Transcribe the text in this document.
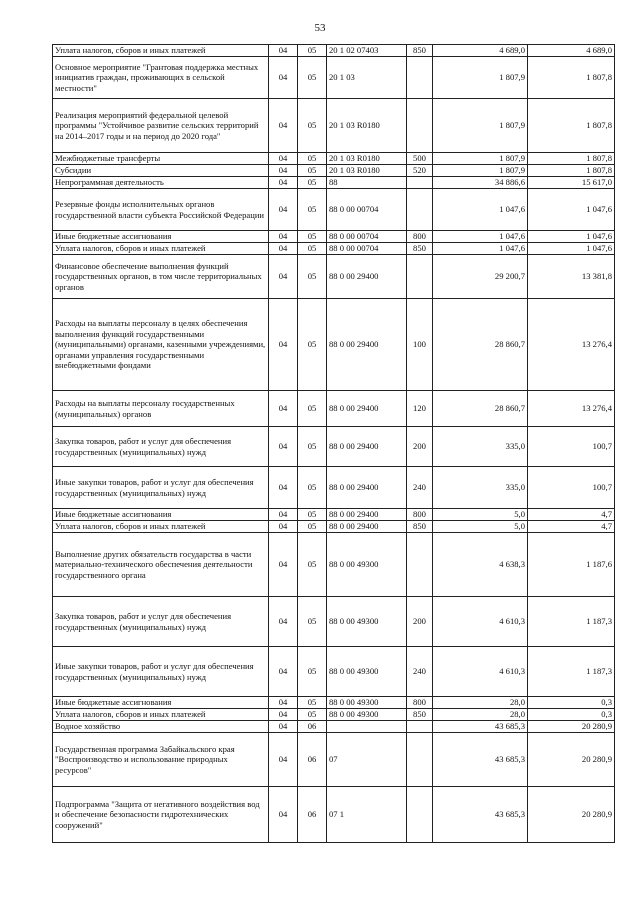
53
Уплата налогов, сборов и иных платежей	04	05	20 1 02 07403	850	4 689,0	4 689,0
Основное мероприятие "Грантовая поддержка местных инициатив граждан, проживающих в сельской местности"	04	05	20 1 03		1 807,9	1 807,8
Реализация мероприятий федеральной целевой программы "Устойчивое развитие сельских территорий на 2014–2017 годы и на период до 2020 года"	04	05	20 1 03 R0180		1 807,9	1 807,8
Межбюджетные трансферты	04	05	20 1 03 R0180	500	1 807,9	1 807,8
Субсидии	04	05	20 1 03 R0180	520	1 807,9	1 807,8
Непрограммная деятельность	04	05	88		34 886,6	15 617,0
Резервные фонды исполнительных органов государственной власти субъекта Российской Федерации	04	05	88 0 00 00704		1 047,6	1 047,6
Иные бюджетные ассигнования	04	05	88 0 00 00704	800	1 047,6	1 047,6
Уплата налогов, сборов и иных платежей	04	05	88 0 00 00704	850	1 047,6	1 047,6
Финансовое обеспечение выполнения функций государственных органов, в том числе территориальных органов	04	05	88 0 00 29400		29 200,7	13 381,8
Расходы на выплаты персоналу в целях обеспечения выполнения функций государственными (муниципальными) органами, казенными учреждениями, органами управления государственными внебюджетными фондами	04	05	88 0 00 29400	100	28 860,7	13 276,4
Расходы на выплаты персоналу государственных (муниципальных) органов	04	05	88 0 00 29400	120	28 860,7	13 276,4
Закупка товаров, работ и услуг для обеспечения государственных (муниципальных) нужд	04	05	88 0 00 29400	200	335,0	100,7
Иные закупки товаров, работ и услуг для обеспечения государственных (муниципальных) нужд	04	05	88 0 00 29400	240	335,0	100,7
Иные бюджетные ассигнования	04	05	88 0 00 29400	800	5,0	4,7
Уплата налогов, сборов и иных платежей	04	05	88 0 00 29400	850	5,0	4,7
Выполнение других обязательств государства в части материально-технического обеспечения деятельности государственного органа	04	05	88 0 00 49300		4 638,3	1 187,6
Закупка товаров, работ и услуг для обеспечения государственных (муниципальных) нужд	04	05	88 0 00 49300	200	4 610,3	1 187,3
Иные закупки товаров, работ и услуг для обеспечения государственных (муниципальных) нужд	04	05	88 0 00 49300	240	4 610,3	1 187,3
Иные бюджетные ассигнования	04	05	88 0 00 49300	800	28,0	0,3
Уплата налогов, сборов и иных платежей	04	05	88 0 00 49300	850	28,0	0,3
Водное хозяйство	04	06			43 685,3	20 280,9
Государственная программа Забайкальского края "Воспроизводство и использование природных ресурсов"	04	06	07		43 685,3	20 280,9
Подпрограмма "Защита от негативного воздействия вод и обеспечение безопасности гидротехнических сооружений"	04	06	07 1		43 685,3	20 280,9
